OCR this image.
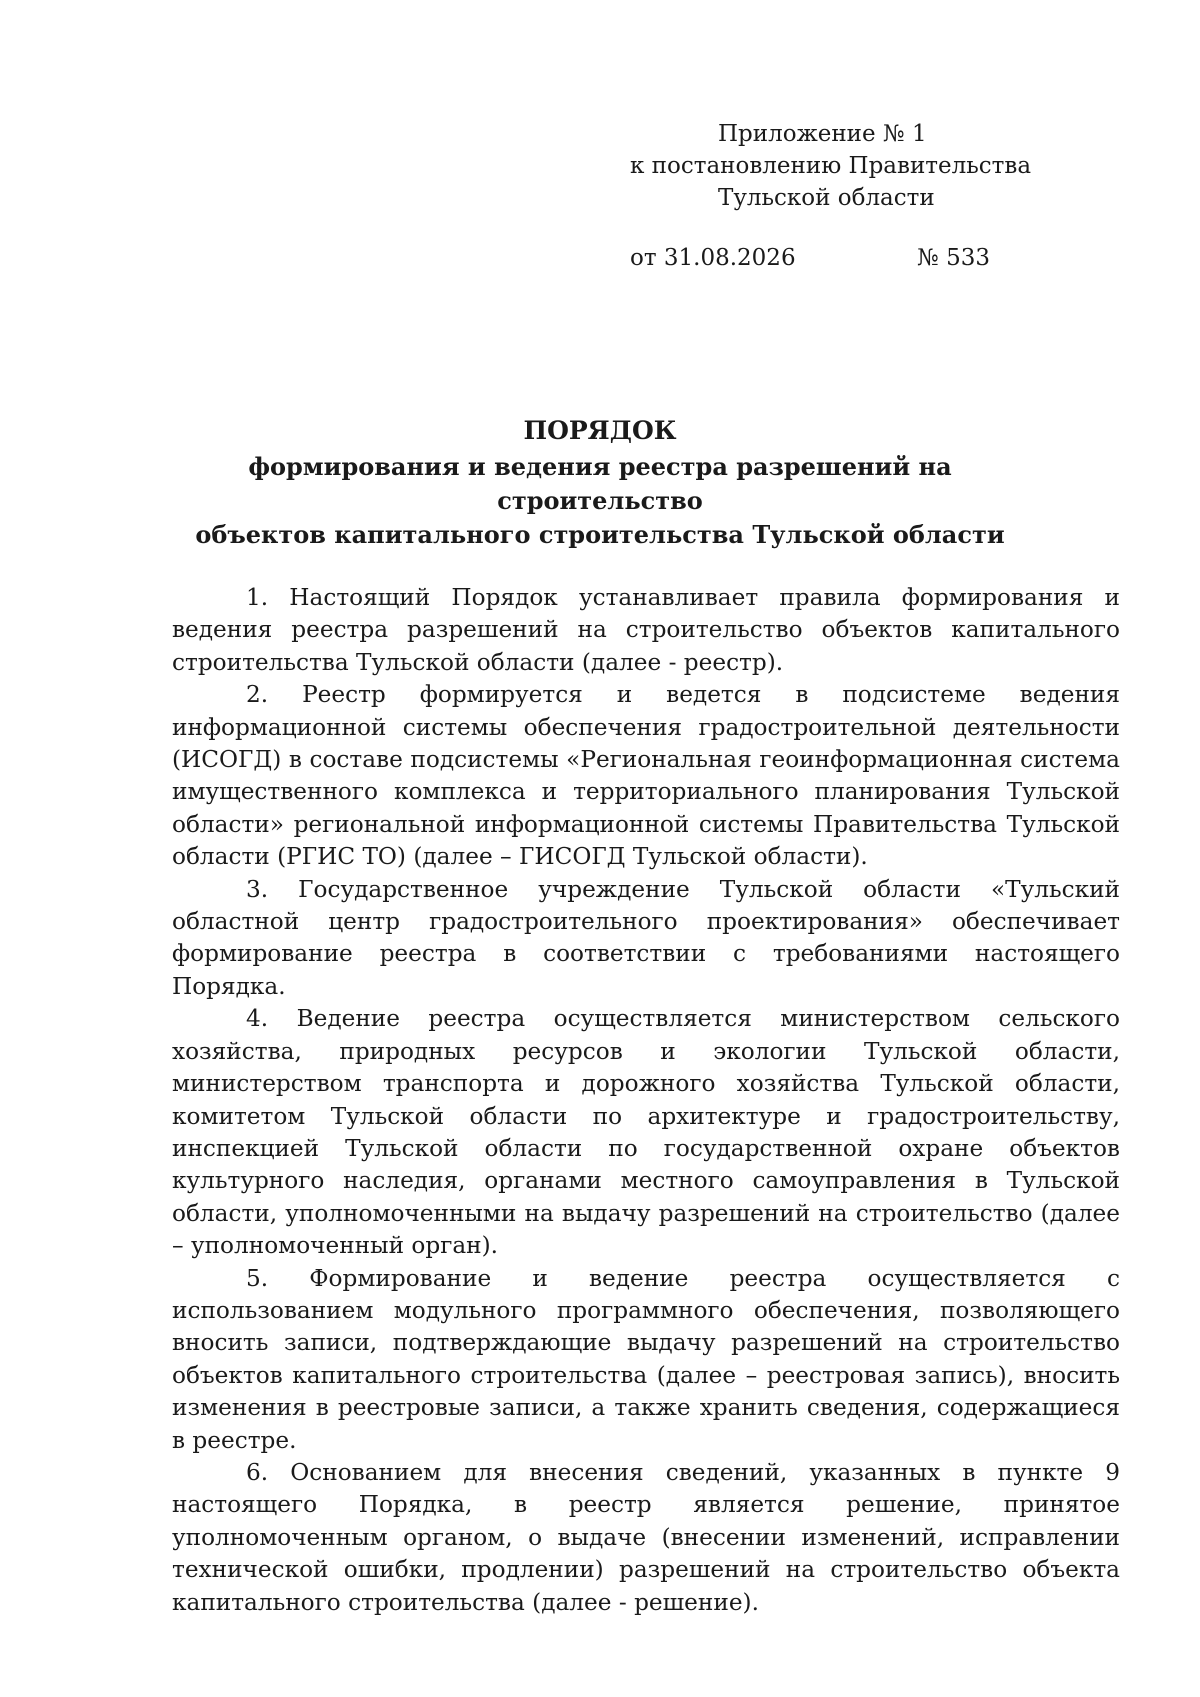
Приложение № 1
к постановлению Правительства
Тульской области
от 31.08.2026	№ 533
ПОРЯДОК
формирования и ведения реестра разрешений на строительство
объектов капитального строительства Тульской области

1. Настоящий Порядок устанавливает правила формирования и ведения реестра разрешений на строительство объектов капитального строительства Тульской области (далее - реестр).

2. Реестр формируется и ведется в подсистеме ведения информационной системы обеспечения градостроительной деятельности (ИСОГД) в составе подсистемы «Региональная геоинформационная система имущественного комплекса и территориального планирования Тульской области» региональной информационной системы Правительства Тульской области (РГИС ТО) (далее – ГИСОГД Тульской области).

3. Государственное учреждение Тульской области «Тульский областной центр градостроительного проектирования» обеспечивает формирование реестра в соответствии с требованиями настоящего Порядка.

4. Ведение реестра осуществляется министерством сельского хозяйства, природных ресурсов и экологии Тульской области, министерством транспорта и дорожного хозяйства Тульской области, комитетом Тульской области по архитектуре и градостроительству, инспекцией Тульской области по государственной охране объектов культурного наследия, органами местного самоуправления в Тульской области, уполномоченными на выдачу разрешений на строительство (далее – уполномоченный орган).

5. Формирование и ведение реестра осуществляется с использованием модульного программного обеспечения, позволяющего вносить записи, подтверждающие выдачу разрешений на строительство объектов капитального строительства (далее – реестровая запись), вносить изменения в реестровые записи, а также хранить сведения, содержащиеся в реестре.

6. Основанием для внесения сведений, указанных в пункте 9 настоящего Порядка, в реестр является решение, принятое уполномоченным органом, о выдаче (внесении изменений, исправлении технической ошибки, продлении) разрешений на строительство объекта капитального строительства (далее - решение).
